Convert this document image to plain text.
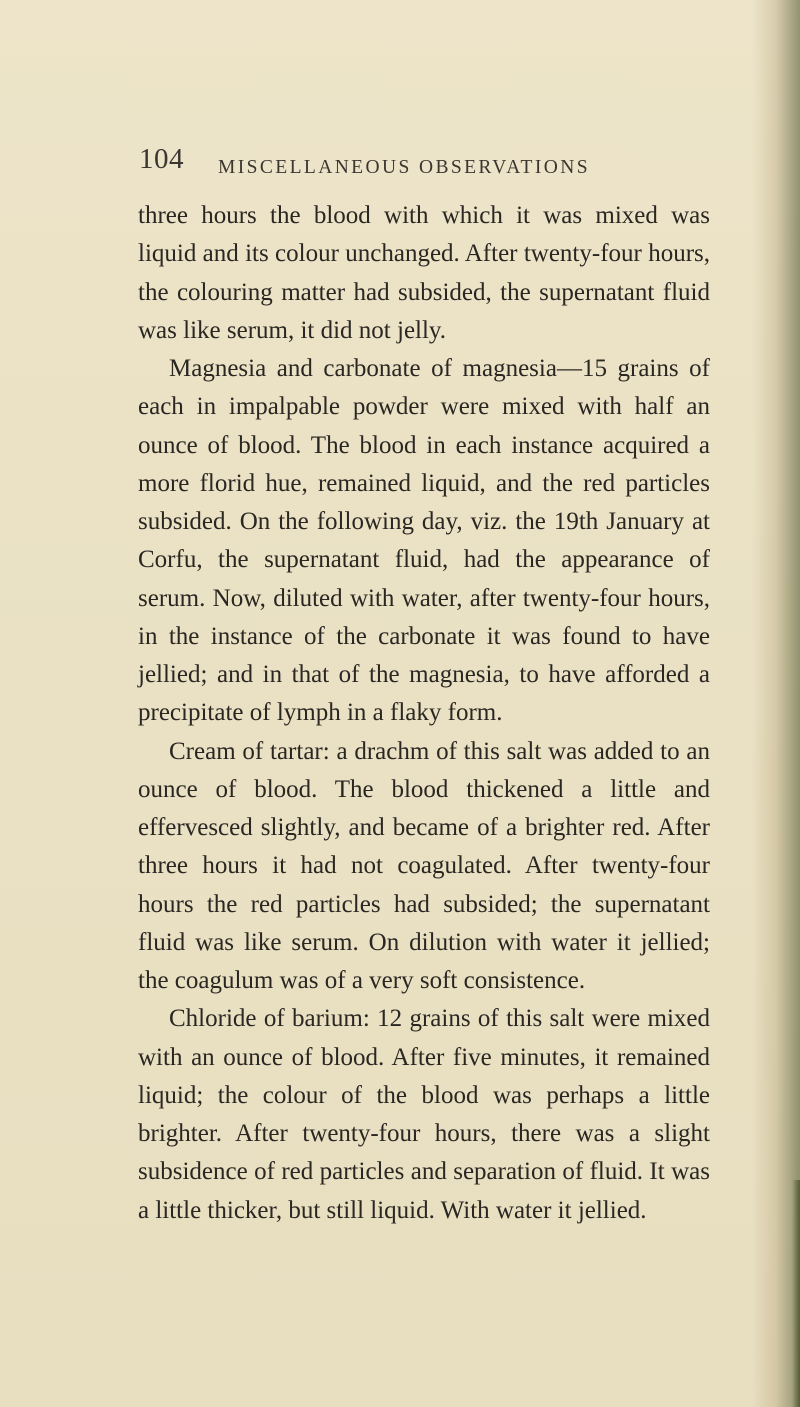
104 MISCELLANEOUS OBSERVATIONS

three hours the blood with which it was mixed was liquid and its colour unchanged. After twenty-four hours, the colouring matter had subsided, the supernatant fluid was like serum, it did not jelly.

Magnesia and carbonate of magnesia—15 grains of each in impalpable powder were mixed with half an ounce of blood. The blood in each instance acquired a more florid hue, remained liquid, and the red particles subsided. On the following day, viz. the 19th January at Corfu, the supernatant fluid, had the appearance of serum. Now, diluted with water, after twenty-four hours, in the instance of the carbonate it was found to have jellied; and in that of the magnesia, to have afforded a precipitate of lymph in a flaky form.

Cream of tartar: a drachm of this salt was added to an ounce of blood. The blood thickened a little and effervesced slightly, and became of a brighter red. After three hours it had not coagulated. After twenty-four hours the red particles had subsided; the supernatant fluid was like serum. On dilution with water it jellied; the coagulum was of a very soft consistence.

Chloride of barium: 12 grains of this salt were mixed with an ounce of blood. After five minutes, it remained liquid; the colour of the blood was perhaps a little brighter. After twenty-four hours, there was a slight subsidence of red particles and separation of fluid. It was a little thicker, but still liquid. With water it jellied.
